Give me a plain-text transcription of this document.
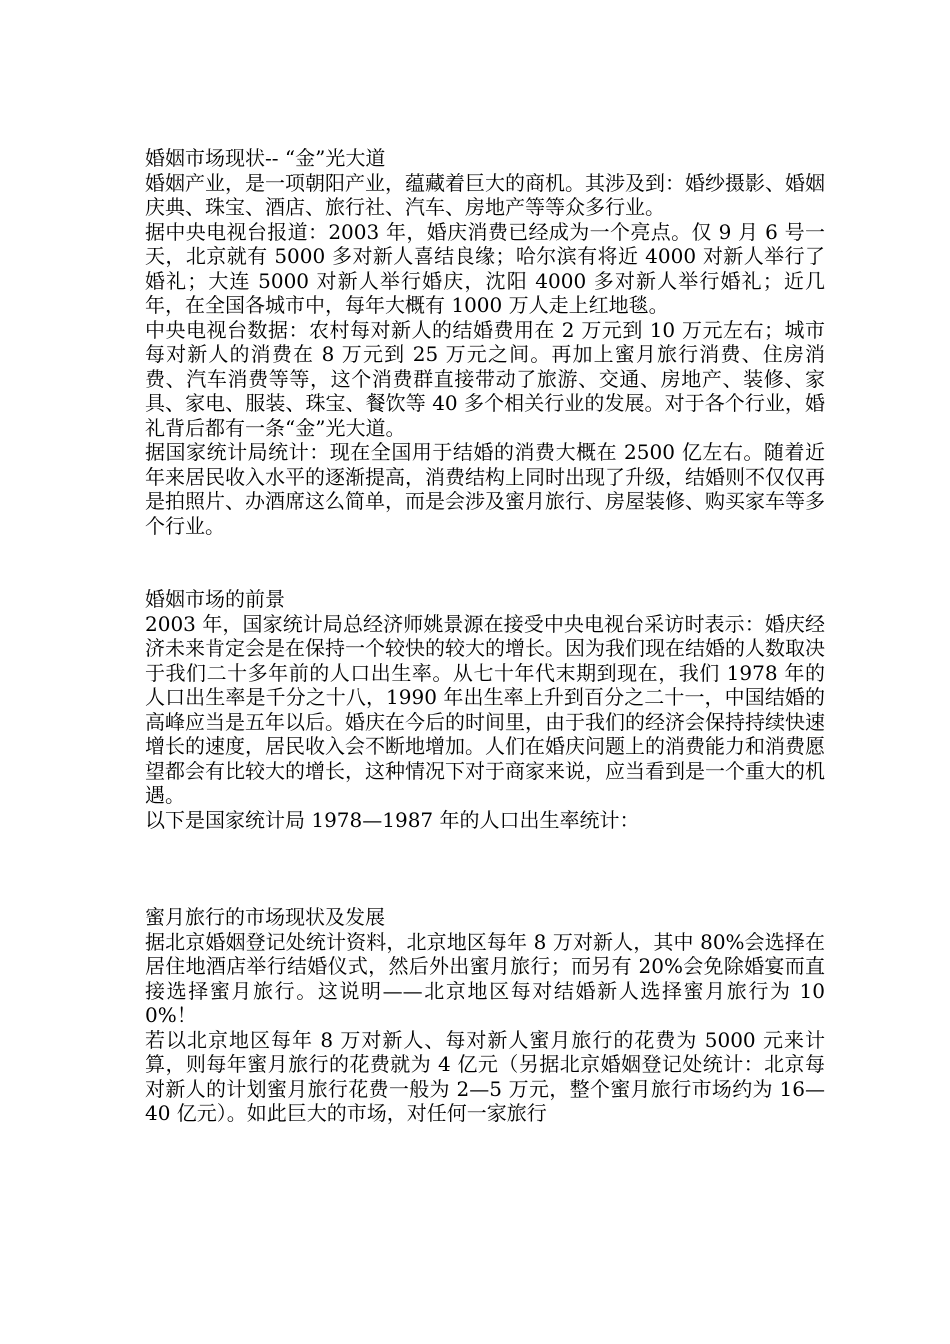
婚姻市场现状-- “金”光大道

婚姻产业，是一项朝阳产业，蕴藏着巨大的商机。其涉及到：婚纱摄影、婚姻庆典、珠宝、酒店、旅行社、汽车、房地产等等众多行业。

据中央电视台报道：2003 年，婚庆消费已经成为一个亮点。仅 9 月 6 号一天，北京就有 5000 多对新人喜结良缘；哈尔滨有将近 4000 对新人举行了婚礼；大连 5000 对新人举行婚庆，沈阳 4000 多对新人举行婚礼；近几年，在全国各城市中，每年大概有 1000 万人走上红地毯。

中央电视台数据：农村每对新人的结婚费用在 2 万元到 10 万元左右；城市每对新人的消费在 8 万元到 25 万元之间。再加上蜜月旅行消费、住房消费、汽车消费等等，这个消费群直接带动了旅游、交通、房地产、装修、家具、家电、服装、珠宝、餐饮等 40 多个相关行业的发展。对于各个行业，婚礼背后都有一条“金”光大道。

据国家统计局统计：现在全国用于结婚的消费大概在 2500 亿左右。随着近年来居民收入水平的逐渐提高，消费结构上同时出现了升级，结婚则不仅仅再是拍照片、办酒席这么简单，而是会涉及蜜月旅行、房屋装修、购买家车等多个行业。

婚姻市场的前景

2003 年，国家统计局总经济师姚景源在接受中央电视台采访时表示：婚庆经济未来肯定会是在保持一个较快的较大的增长。因为我们现在结婚的人数取决于我们二十多年前的人口出生率。从七十年代末期到现在，我们 1978 年的人口出生率是千分之十八，1990 年出生率上升到百分之二十一，中国结婚的高峰应当是五年以后。婚庆在今后的时间里，由于我们的经济会保持持续快速增长的速度，居民收入会不断地增加。人们在婚庆问题上的消费能力和消费愿望都会有比较大的增长，这种情况下对于商家来说，应当看到是一个重大的机遇。

以下是国家统计局 1978—1987 年的人口出生率统计：

蜜月旅行的市场现状及发展

据北京婚姻登记处统计资料，北京地区每年 8 万对新人，其中 80%会选择在居住地酒店举行结婚仪式，然后外出蜜月旅行；而另有 20%会免除婚宴而直接选择蜜月旅行。这说明——北京地区每对结婚新人选择蜜月旅行为 100%！

若以北京地区每年 8 万对新人、每对新人蜜月旅行的花费为 5000 元来计算，则每年蜜月旅行的花费就为 4 亿元（另据北京婚姻登记处统计：北京每对新人的计划蜜月旅行花费一般为 2—5 万元，整个蜜月旅行市场约为 16—40 亿元）。如此巨大的市场，对任何一家旅行
